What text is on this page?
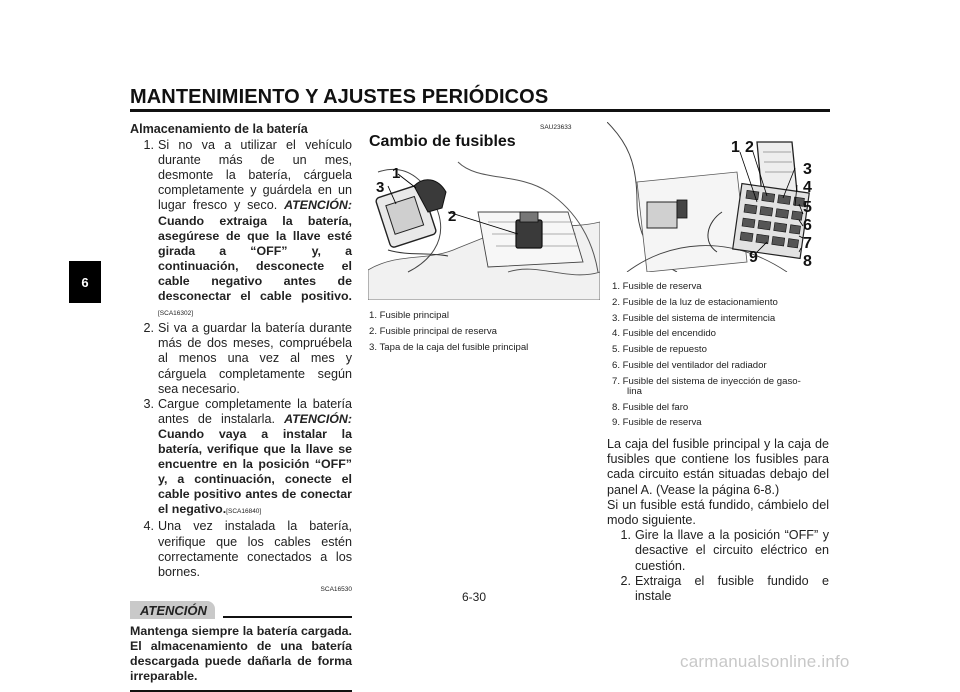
MANTENIMIENTO Y AJUSTES PERIÓDICOS
6
Almacenamiento de la batería
1. Si no va a utilizar el vehículo durante más de un mes, desmonte la batería, cárguela completamente y guárdela en un lugar fresco y seco. ATENCIÓN: Cuando extraiga la batería, asegúrese de que la llave esté girada a “OFF” y, a continuación, desconecte el cable negativo antes de desconectar el cable positivo.[SCA16302]
2. Si va a guardar la batería durante más de dos meses, compruébela al menos una vez al mes y cárguela completamente según sea necesario.
3. Cargue completamente la batería antes de instalarla. ATENCIÓN: Cuando vaya a instalar la batería, verifique que la llave se encuentre en la posición “OFF” y, a continuación, conecte el cable positivo antes de conectar el negativo.[SCA16840]
4. Una vez instalada la batería, verifique que los cables estén correctamente conectados a los bornes.
SCA16530
ATENCIÓN
Mantenga siempre la batería cargada. El almacenamiento de una batería descargada puede dañarla de forma irreparable.
SAU23633
Cambio de fusibles
1
3
2
1. Fusible principal
2. Fusible principal de reserva
3. Tapa de la caja del fusible principal
1 2
3
4
5
6
7
8
9
1. Fusible de reserva
2. Fusible de la luz de estacionamiento
3. Fusible del sistema de intermitencia
4. Fusible del encendido
5. Fusible de repuesto
6. Fusible del ventilador del radiador
7. Fusible del sistema de inyección de gaso-
lina
8. Fusible del faro
9. Fusible de reserva
La caja del fusible principal y la caja de fusibles que contiene los fusibles para cada circuito están situadas debajo del panel A. (Vease la página 6-8.)
Si un fusible está fundido, cámbielo del modo siguiente.
1. Gire la llave a la posición “OFF” y desactive el circuito eléctrico en cuestión.
2. Extraiga el fusible fundido e instale
6-30
carmanualsonline.info
